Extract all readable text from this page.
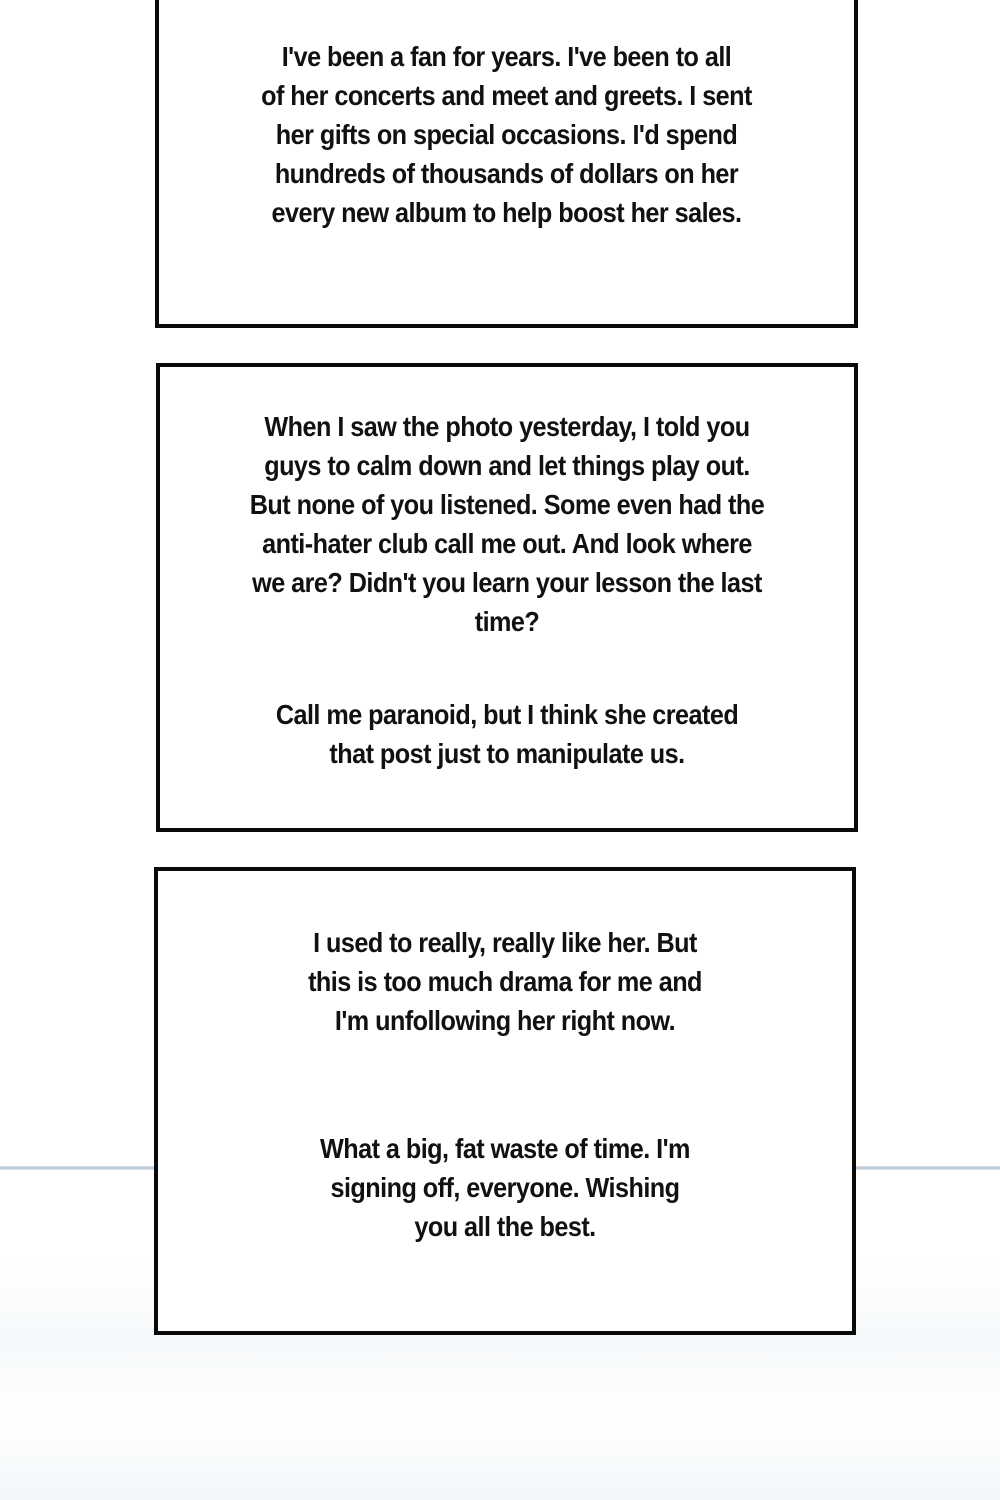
I've been a fan for years. I've been to all
of her concerts and meet and greets. I sent
her gifts on special occasions. I'd spend
hundreds of thousands of dollars on her
every new album to help boost her sales.
When I saw the photo yesterday, I told you
guys to calm down and let things play out.
But none of you listened. Some even had the
anti-hater club call me out. And look where
we are? Didn't you learn your lesson the last
time?
Call me paranoid, but I think she created
that post just to manipulate us.
I used to really, really like her. But
this is too much drama for me and
I'm unfollowing her right now.
What a big, fat waste of time. I'm
signing off, everyone. Wishing
you all the best.
